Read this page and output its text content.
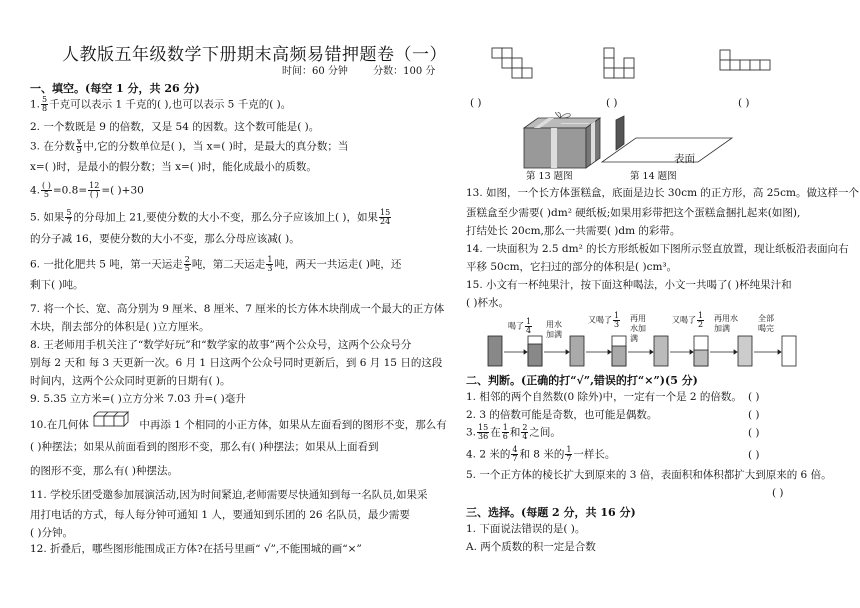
人教版五年级数学下册期末高频易错押题卷（一）
时间：60 分钟	分数：100 分
一、填空。(每空 1 分，共 26 分)
1. $\frac{5}{8}$ 千克可以表示 1 千克的( ),也可以表示 5 千克的( )。
2. 一个数既是 9 的倍数，又是 54 的因数。这个数可能是( )。
3. 在分数 $\frac{x}{9}$ 中,它的分数单位是( )，当 x=( )时，是最大的真分数；当
x=( )时，是最小的假分数；当 x=( )时，能化成最小的质数。
4. $\frac{( )}{5} =0.8= \frac{12}{( )}$ =( )+30
5. 如果 $\frac{5}{7}$ 的分母加上 21,要使分数的大小不变，那么分子应该加上( )，如果 $\frac{15}{24}$
的分子减 16，要使分数的大小不变，那么分母应该减( )。
6. 一批化肥共 5 吨，第一天运走 $\frac{2}{5}$ 吨，第二天运走 $\frac{1}{3}$ 吨，两天一共运走( )吨，还
剩下( )吨。
7. 将一个长、宽、高分别为 9 厘米、8 厘米、7 厘米的长方体木块削成一个最大的正方体
木块，削去部分的体积是( )立方厘米。
8. 王老师用手机关注了“数学好玩”和“数学家的故事”两个公众号，这两个公众号分
别每 2 天和 每 3 天更新一次。6 月 1 日这两个公众号同时更新后，到 6 月 15 日的这段
时间内，这两个公众同时更新的日期有( )。
9. 5.35 立方米=( )立方分米 7.03 升=( )毫升
10.在几何体	中再添 1 个相同的小正方体，如果从左面看到的图形不变，那么有
( )种摆法；如果从前面看到的图形不变，那么有( )种摆法；如果从上面看到
的图形不变，那么有( )种摆法。
11. 学校乐团受邀参加展演活动,因为时间紧迫,老师需要尽快通知到每一名队员,如果采
用打电话的方式，每人每分钟可通知 1 人，要通知到乐团的 26 名队员，最少需要
( )分钟。
12. 折叠后，哪些图形能围成正方体?在括号里画“ √”,不能围城的画“×”
( )	( )	( )
第 13 题图
表面
第 14 题图
13. 如图，一个长方体蛋糕盒，底面是边长 30cm 的正方形，高 25cm。做这样一个
蛋糕盒至少需要( )dm² 硬纸板;如果用彩带把这个蛋糕盒捆扎起来(如图),
打结处长 20cm,那么一共需要( )dm 的彩带。
14. 一块面积为 2.5 dm² 的长方形纸板如下图所示竖直放置，现让纸板沿表面向右
平移 50cm，它扫过的部分的体积是( )cm³。
15. 小文有一杯纯果汁，按下面这种喝法，小文一共喝了( )杯纯果汁和
( )杯水。
喝了 $\frac{1}{4}$ 用水加满
又喝了 $\frac{1}{3}$ 再用水加满
又喝了 $\frac{1}{2}$ 再用水加满
全部喝完
二、判断。(正确的打“√”,错误的打“×”)(5 分)
1. 相邻的两个自然数(0 除外)中，一定有一个是 2 的倍数。 ( )
2. 3 的倍数可能是奇数，也可能是偶数。	( )
3. $\frac{15}{36}$ 在 $\frac{1}{6}$ 和 $\frac{2}{4}$ 之间。	( )
4. 2 米的 $\frac{4}{7}$ 和 8 米的 $\frac{1}{7}$ 一样长。	( )
5. 一个正方体的棱长扩大到原来的 3 倍，表面积和体积都扩大到原来的 6 倍。
( )
三、选择。(每题 2 分，共 16 分)
1. 下面说法错误的是( )。
A. 两个质数的积一定是合数
